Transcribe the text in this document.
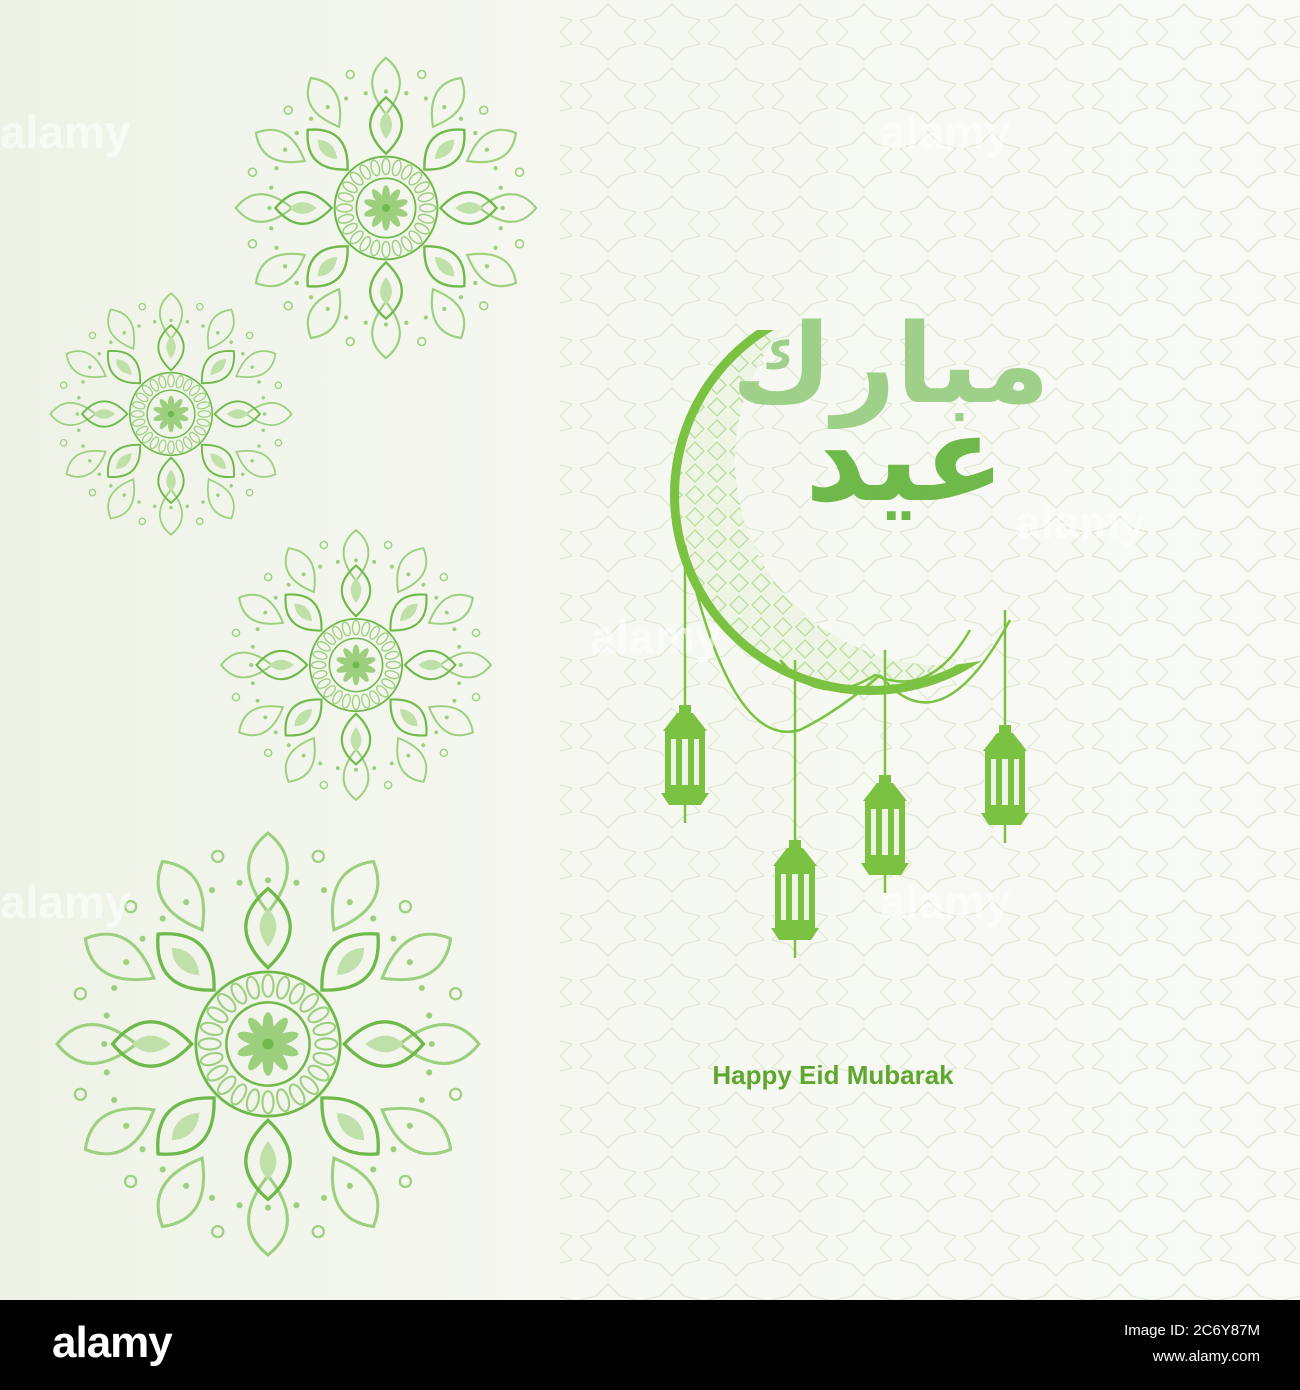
مبارك
عيد
Happy Eid Mubarak
alamy	alamy
alamy
alamy
alamy	alamy
alamy	Image ID: 2C6Y87M
www.alamy.com
